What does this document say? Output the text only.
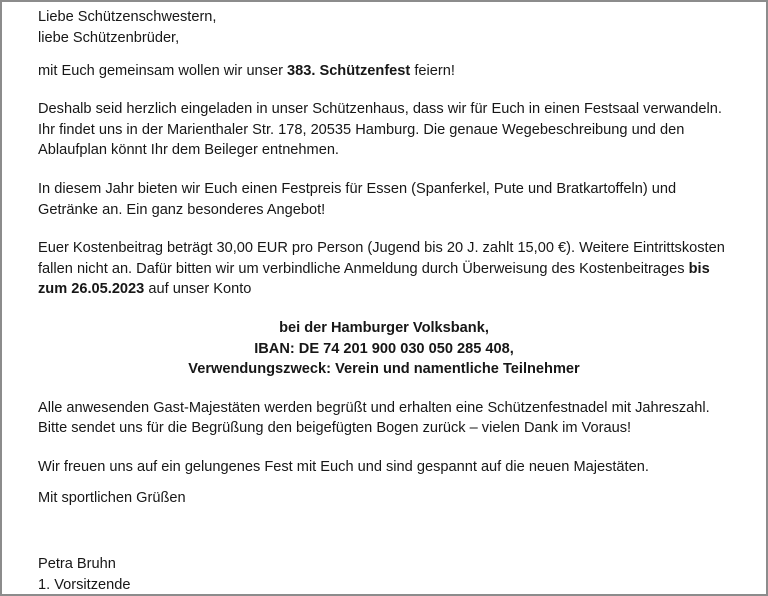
Liebe Schützenschwestern,
liebe Schützenbrüder,
mit Euch gemeinsam wollen wir unser 383. Schützenfest feiern!
Deshalb seid herzlich eingeladen in unser Schützenhaus, dass wir für Euch in einen Festsaal verwandeln.
Ihr findet uns in der Marienthaler Str. 178, 20535 Hamburg. Die genaue Wegebeschreibung und den
Ablaufplan könnt Ihr dem Beileger entnehmen.
In diesem Jahr bieten wir Euch einen Festpreis für Essen (Spanferkel, Pute und Bratkartoffeln) und
Getränke an. Ein ganz besonderes Angebot!
Euer Kostenbeitrag beträgt 30,00 EUR pro Person (Jugend bis 20 J. zahlt 15,00 €). Weitere Eintrittskosten
fallen nicht an. Dafür bitten wir um verbindliche Anmeldung durch Überweisung des Kostenbeitrages bis
zum 26.05.2023 auf unser Konto
bei der Hamburger Volksbank,
IBAN: DE 74 201 900 030 050 285 408,
Verwendungszweck: Verein und namentliche Teilnehmer
Alle anwesenden Gast-Majestäten werden begrüßt und erhalten eine Schützenfestnadel mit Jahreszahl.
Bitte sendet uns für die Begrüßung den beigefügten Bogen zurück – vielen Dank im Voraus!
Wir freuen uns auf ein gelungenes Fest mit Euch und sind gespannt auf die neuen Majestäten.
Mit sportlichen Grüßen
Petra Bruhn
1. Vorsitzende
